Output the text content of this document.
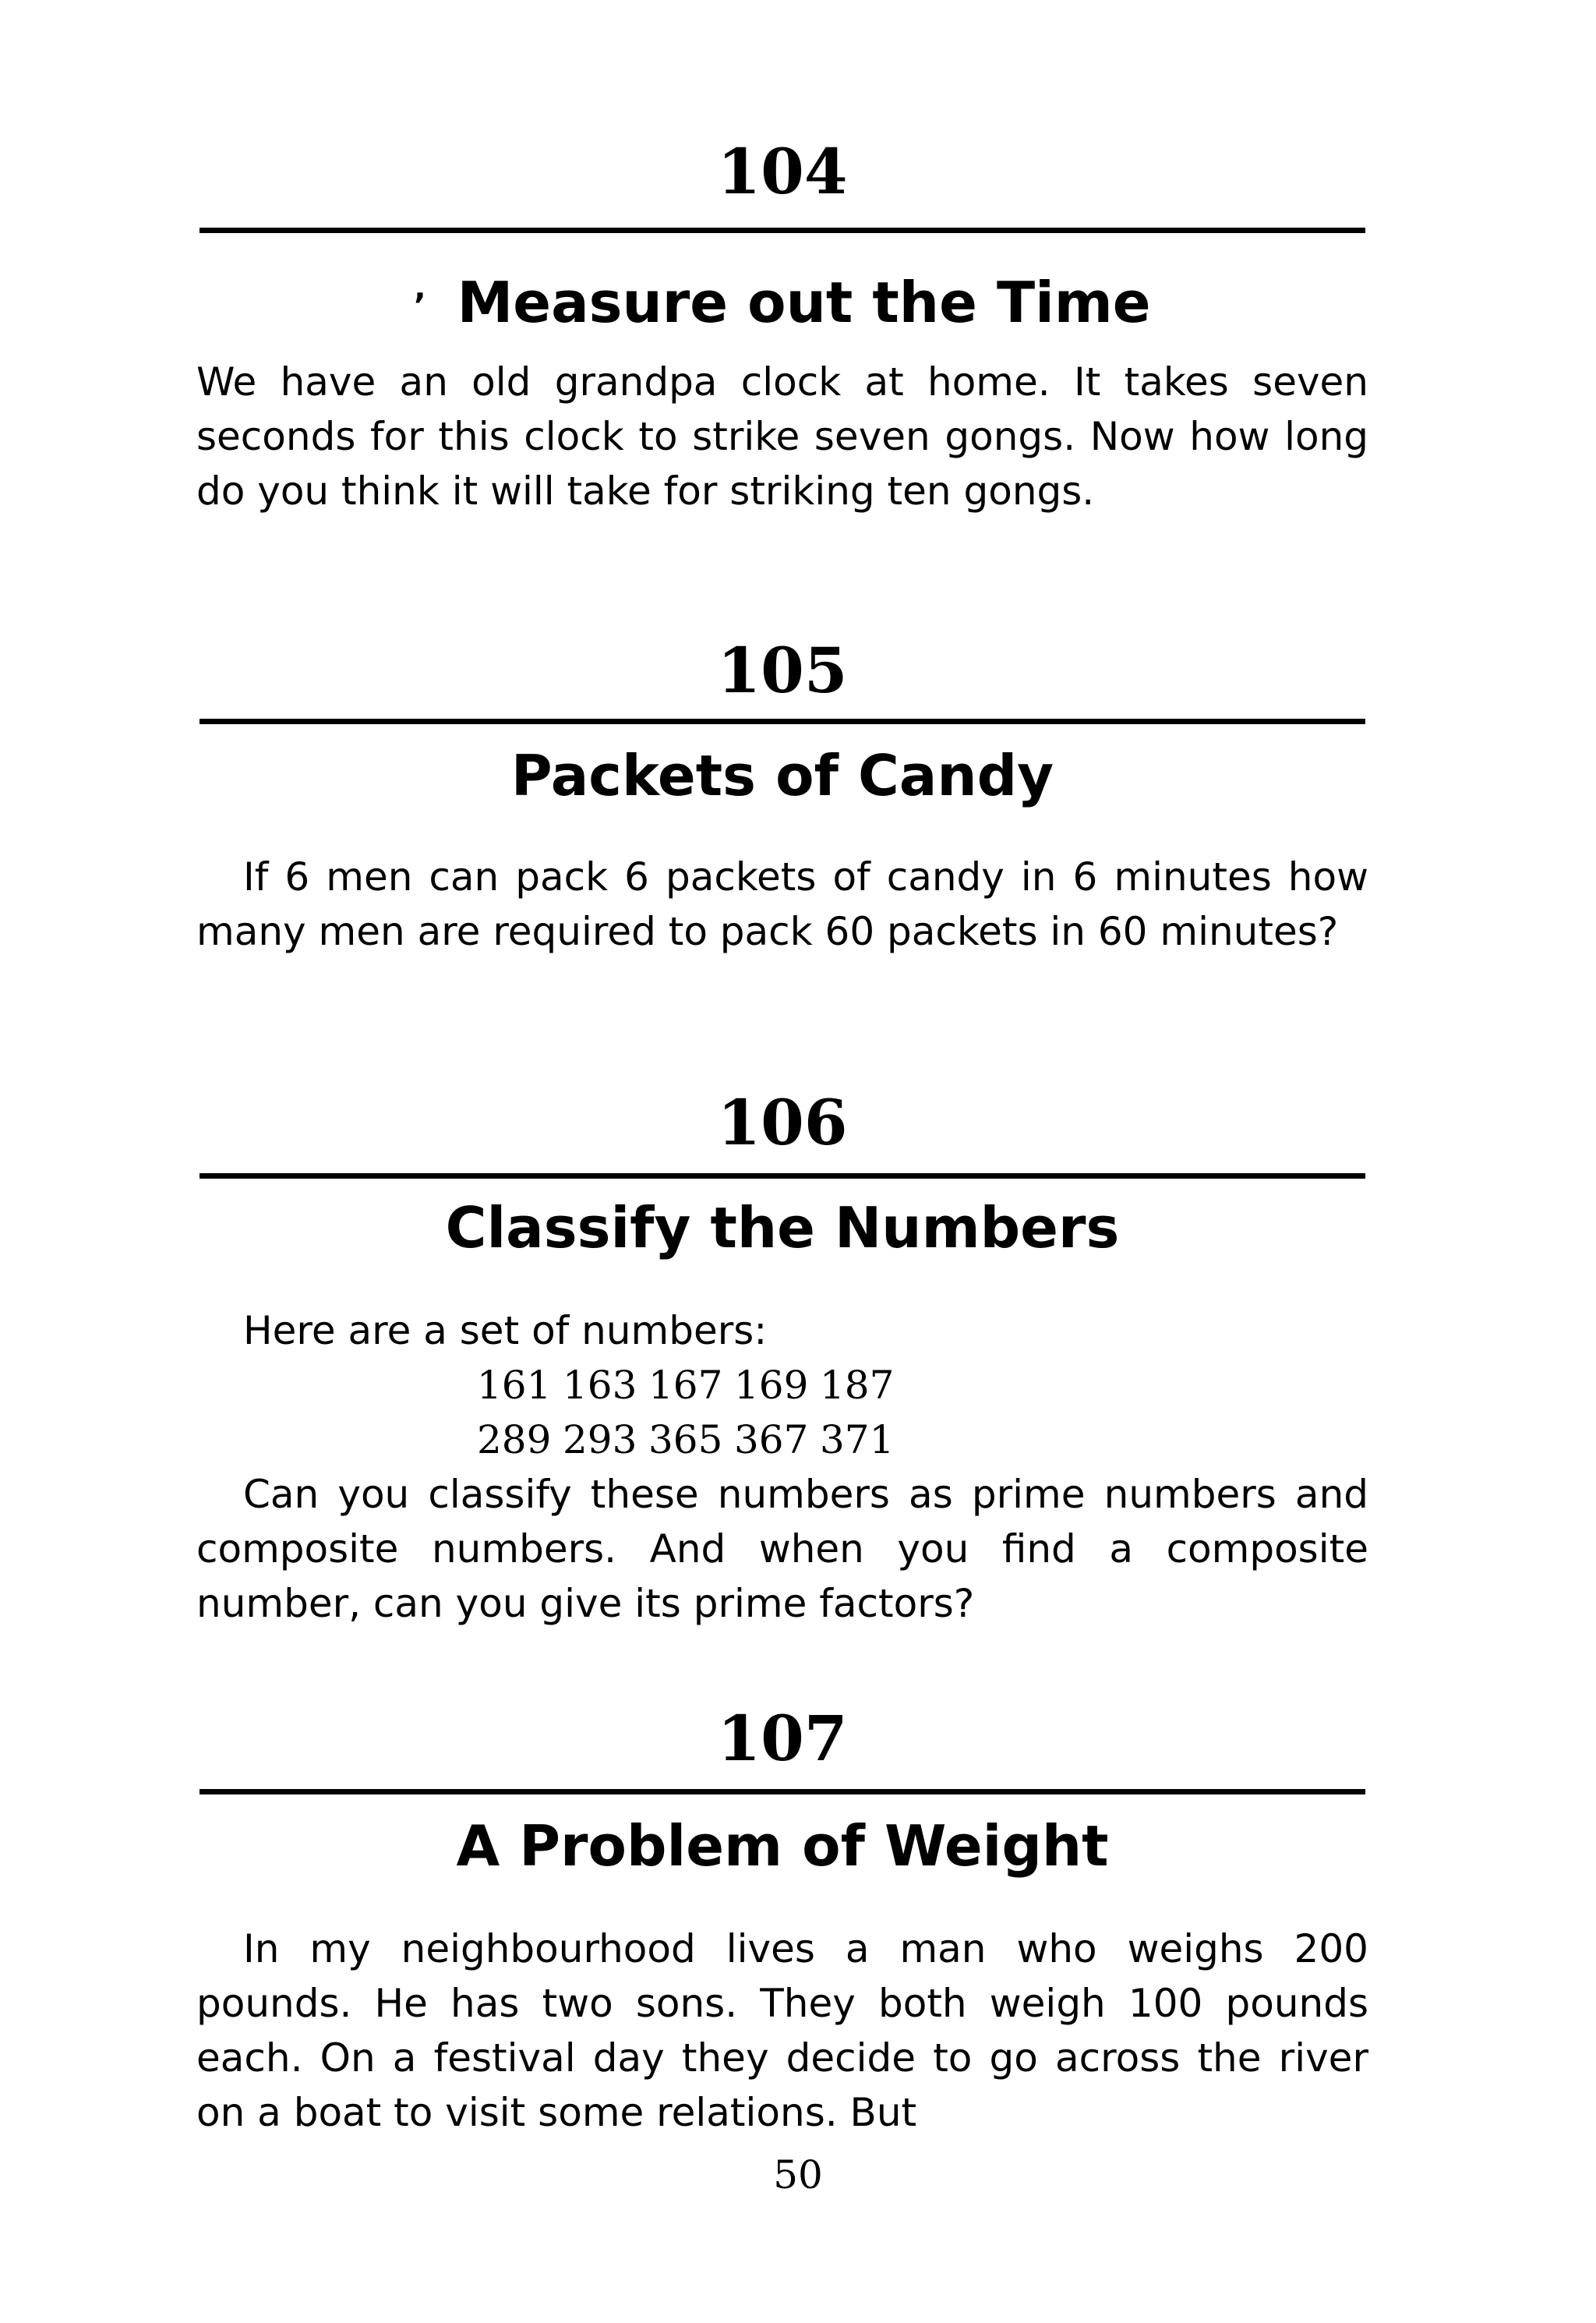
104
, Measure out the Time

We have an old grandpa clock at home. It takes seven seconds for this clock to strike seven gongs. Now how long do you think it will take for striking ten gongs.

105
Packets of Candy

If 6 men can pack 6 packets of candy in 6 minutes how many men are required to pack 60 packets in 60 minutes?

106
Classify the Numbers

Here are a set of numbers:

161 163 167 169 187
289 293 365 367 371

Can you classify these numbers as prime numbers and composite numbers. And when you find a composite number, can you give its prime factors?

107
A Problem of Weight

In my neighbourhood lives a man who weighs 200 pounds. He has two sons. They both weigh 100 pounds each. On a festival day they decide to go across the river on a boat to visit some relations. But

50
